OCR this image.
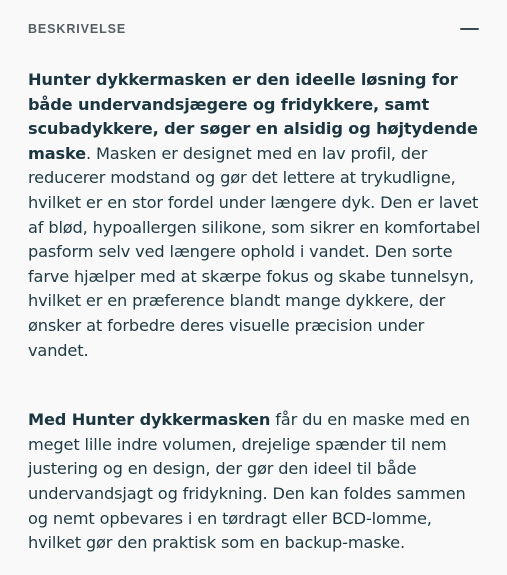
BESKRIVELSE

Hunter dykkermasken er den ideelle løsning for både undervandsjægere og fridykkere, samt scubadykkere, der søger en alsidig og højtydende maske. Masken er designet med en lav profil, der reducerer modstand og gør det lettere at trykudligne, hvilket er en stor fordel under længere dyk. Den er lavet af blød, hypoallergen silikone, som sikrer en komfortabel pasform selv ved længere ophold i vandet. Den sorte farve hjælper med at skærpe fokus og skabe tunnelsyn, hvilket er en præference blandt mange dykkere, der ønsker at forbedre deres visuelle præcision under vandet.

Med Hunter dykkermasken får du en maske med en meget lille indre volumen, drejelige spænder til nem justering og en design, der gør den ideel til både undervandsjagt og fridykning. Den kan foldes sammen og nemt opbevares i en tørdragt eller BCD-lomme, hvilket gør den praktisk som en backup-maske.
